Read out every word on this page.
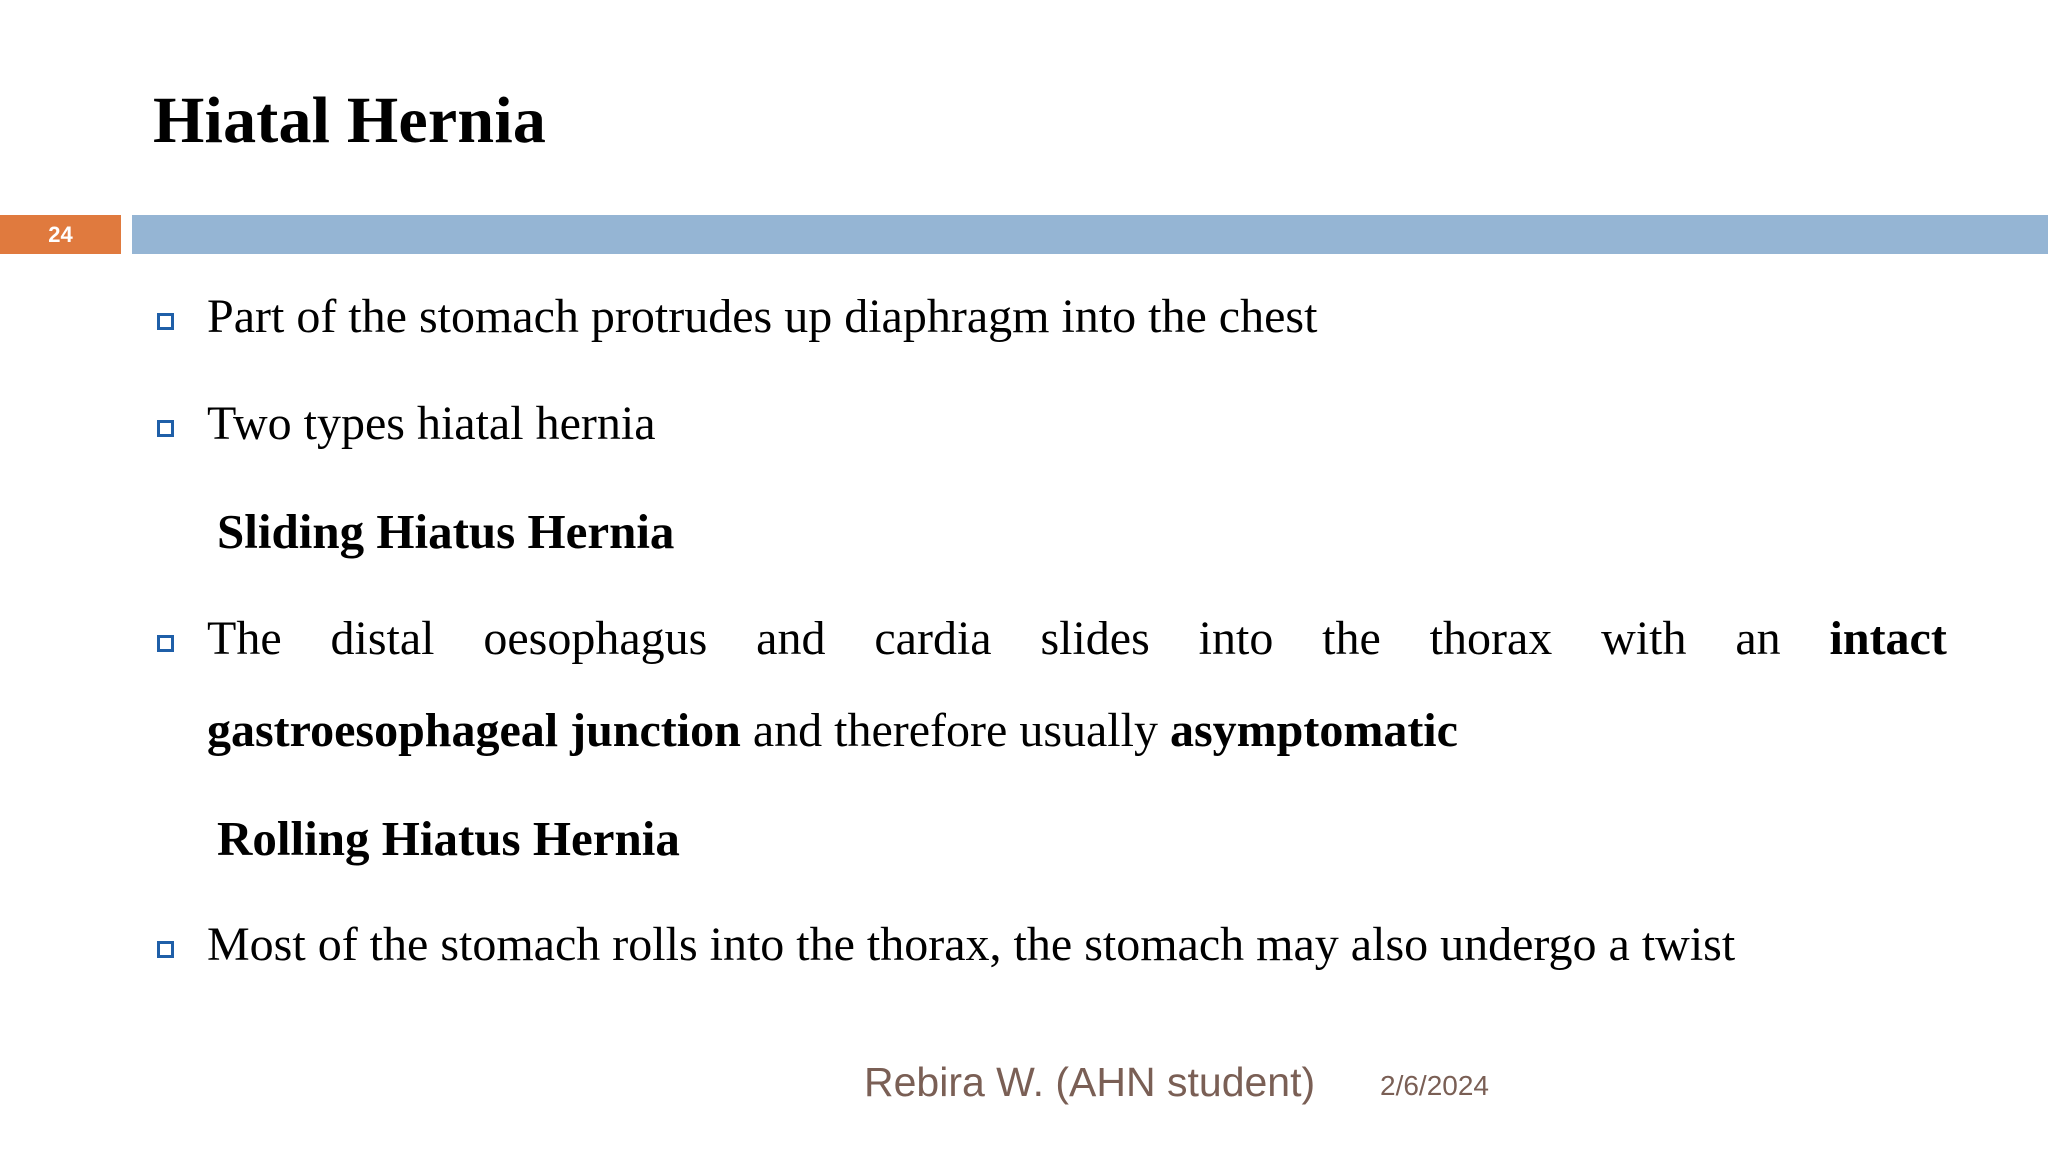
Hiatal Hernia
24
Part of the stomach protrudes up diaphragm into the chest
Two types hiatal hernia
Sliding Hiatus Hernia
The distal oesophagus and cardia slides into the thorax with an intact
gastroesophageal junction and therefore usually asymptomatic
Rolling Hiatus Hernia
Most of the stomach rolls into the thorax, the stomach may also undergo a twist
Rebira W. (AHN student) 2/6/2024
